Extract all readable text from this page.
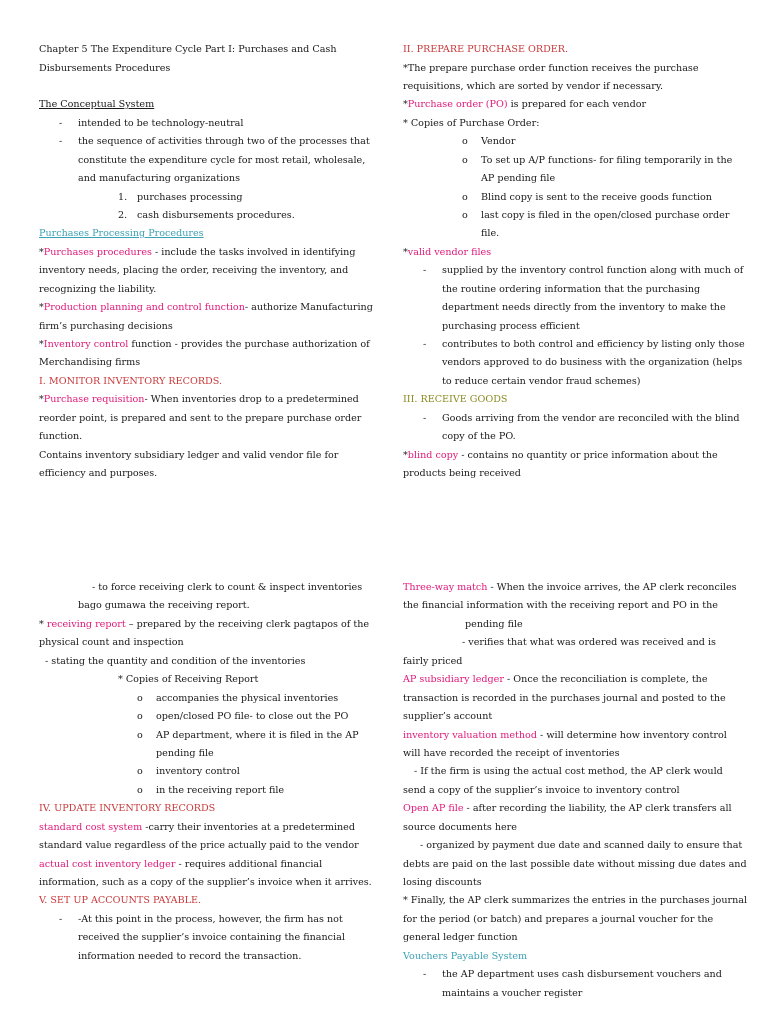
Chapter 5 The Expenditure Cycle Part I: Purchases and Cash
Disbursements Procedures
The Conceptual System
- intended to be technology-neutral
- the sequence of activities through two of the processes that
constitute the expenditure cycle for most retail, wholesale,
and manufacturing organizations
1. purchases processing
2. cash disbursements procedures.
Purchases Processing Procedures
*Purchases procedures - include the tasks involved in identifying
inventory needs, placing the order, receiving the inventory, and
recognizing the liability.
*Production planning and control function- authorize Manufacturing
firm’s purchasing decisions
*Inventory control function - provides the purchase authorization of
Merchandising firms
I. MONITOR INVENTORY RECORDS.
*Purchase requisition- When inventories drop to a predetermined
reorder point, is prepared and sent to the prepare purchase order
function.
Contains inventory subsidiary ledger and valid vendor file for
efficiency and purposes.
II. PREPARE PURCHASE ORDER.
*The prepare purchase order function receives the purchase
requisitions, which are sorted by vendor if necessary.
*Purchase order (PO) is prepared for each vendor
* Copies of Purchase Order:
o Vendor
o To set up A/P functions- for filing temporarily in the
AP pending file
o Blind copy is sent to the receive goods function
o last copy is filed in the open/closed purchase order
file.
*valid vendor files
- supplied by the inventory control function along with much of
the routine ordering information that the purchasing
department needs directly from the inventory to make the
purchasing process efficient
- contributes to both control and efficiency by listing only those
vendors approved to do business with the organization (helps
to reduce certain vendor fraud schemes)
III. RECEIVE GOODS
- Goods arriving from the vendor are reconciled with the blind
copy of the PO.
*blind copy - contains no quantity or price information about the
products being received
- to force receiving clerk to count & inspect inventories
bago gumawa the receiving report.
* receiving report – prepared by the receiving clerk pagtapos of the
physical count and inspection
- stating the quantity and condition of the inventories
* Copies of Receiving Report
o accompanies the physical inventories
o open/closed PO file- to close out the PO
o AP department, where it is filed in the AP
pending file
o inventory control
o in the receiving report file
IV. UPDATE INVENTORY RECORDS
standard cost system -carry their inventories at a predetermined
standard value regardless of the price actually paid to the vendor
actual cost inventory ledger - requires additional financial
information, such as a copy of the supplier’s invoice when it arrives.
V. SET UP ACCOUNTS PAYABLE.
- -At this point in the process, however, the firm has not
received the supplier’s invoice containing the financial
information needed to record the transaction.
Three-way match - When the invoice arrives, the AP clerk reconciles
the financial information with the receiving report and PO in the
pending file
- verifies that what was ordered was received and is
fairly priced
AP subsidiary ledger - Once the reconciliation is complete, the
transaction is recorded in the purchases journal and posted to the
supplier’s account
inventory valuation method - will determine how inventory control
will have recorded the receipt of inventories
- If the firm is using the actual cost method, the AP clerk would
send a copy of the supplier’s invoice to inventory control
Open AP file - after recording the liability, the AP clerk transfers all
source documents here
- organized by payment due date and scanned daily to ensure that
debts are paid on the last possible date without missing due dates and
losing discounts
* Finally, the AP clerk summarizes the entries in the purchases journal
for the period (or batch) and prepares a journal voucher for the
general ledger function
Vouchers Payable System
- the AP department uses cash disbursement vouchers and
maintains a voucher register
